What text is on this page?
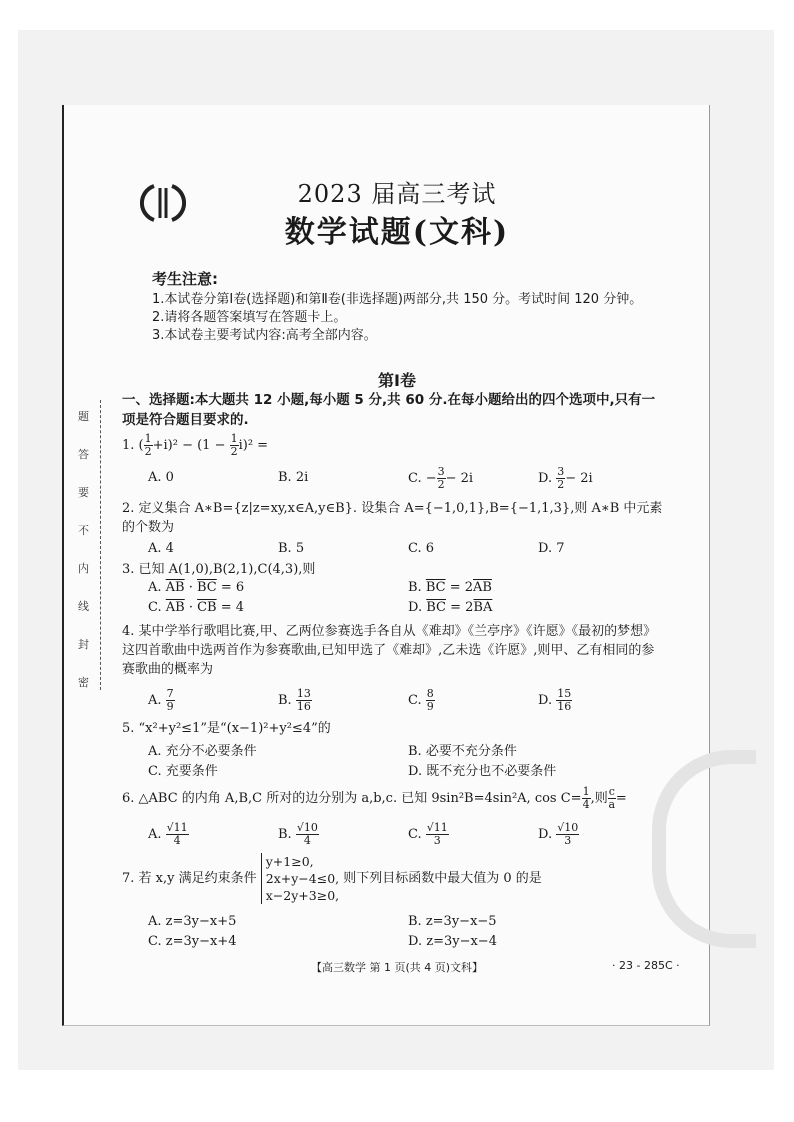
题
答
要
不
内
线
封
密
2023 届高三考试
数学试题(文科)
考生注意:
1.本试卷分第Ⅰ卷(选择题)和第Ⅱ卷(非选择题)两部分,共 150 分。考试时间 120 分钟。
2.请将各题答案填写在答题卡上。
3.本试卷主要考试内容:高考全部内容。
第Ⅰ卷
一、选择题:本大题共 12 小题,每小题 5 分,共 60 分.在每小题给出的四个选项中,只有一项是符合题目要求的.
1. ( $\frac{1}{2} +i)^2 - (1 - \frac{1}{2} i)^2$ =
A. 0	B. 2i	C. − $\frac{3}{2} - 2i$	D. $\frac{3}{2} - 2i$
2. 定义集合 A∗B={z|z=xy,x∈A,y∈B}. 设集合 A={−1,0,1},B={−1,1,3},则 A∗B 中元素的个数为
A. 4	B. 5	C. 6	D. 7
3. 已知 A(1,0),B(2,1),C(4,3),则
A. $\overline{AB} \cdot \overline{BC} = 6$	B. $\overline{BC} = 2\overline{AB}$
C. $\overline{AB} \cdot \overline{CB} = 4$	D. $\overline{BC} = 2\overline{BA}$
4. 某中学举行歌唱比赛,甲、乙两位参赛选手各自从《难却》《兰亭序》《许愿》《最初的梦想》这四首歌曲中选两首作为参赛歌曲,已知甲选了《难却》,乙未选《许愿》,则甲、乙有相同的参赛歌曲的概率为
A. $\frac{7}{9}$	B. $\frac{13}{16}$	C. $\frac{8}{9}$	D. $\frac{15}{16}$
5. “x²+y²≤1”是“(x−1)²+y²≤4”的
A. 充分不必要条件	B. 必要不充分条件
C. 充要条件	D. 既不充分也不必要条件
6. △ABC 的内角 A,B,C 所对的边分别为 a,b,c. 已知 9sin²B=4sin²A, $\cos C= \frac{1}{4}$ ,则 $\frac{c}{a}$ =
A. $\frac{√11}{4}$	B. $\frac{√10}{4}$	C. $\frac{√11}{3}$	D. $\frac{√10}{3}$
7. 若 x,y 满足约束条件
y+1≥0,
2x+y−4≤0,
x−2y+3≥0,
则下列目标函数中最大值为 0 的是
A. z=3y−x+5	B. z=3y−x−5
C. z=3y−x+4	D. z=3y−x−4
【高三数学 第 1 页(共 4 页)文科】	· 23 - 285C ·
